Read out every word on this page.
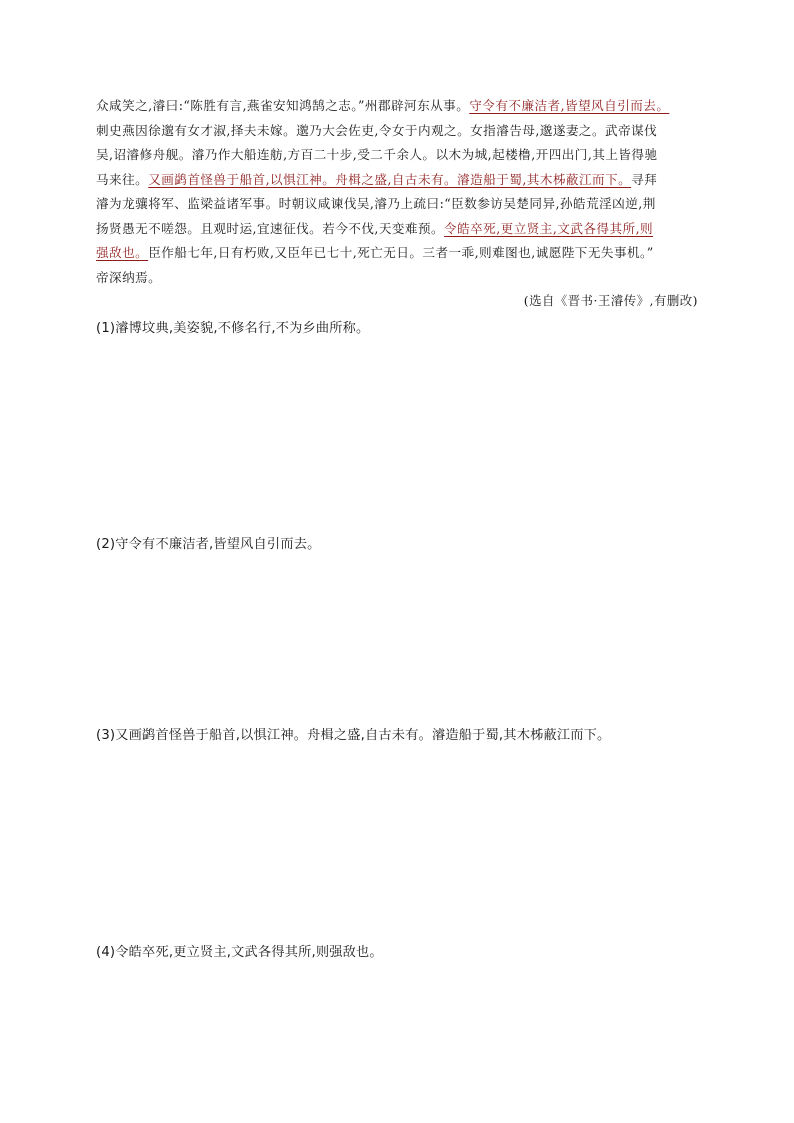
众咸笑之,濬曰:“陈胜有言,燕雀安知鸿鹄之志。”州郡辟河东从事。守令有不廉洁者,皆望风自引而去。
刺史燕因徐邈有女才淑,择夫未嫁。邈乃大会佐吏,令女于内观之。女指濬告母,邈遂妻之。武帝谋伐
吴,诏濬修舟舰。濬乃作大船连舫,方百二十步,受二千余人。以木为城,起楼橹,开四出门,其上皆得驰
马来往。又画鹢首怪兽于船首,以惧江神。舟楫之盛,自古未有。濬造船于蜀,其木柹蔽江而下。寻拜
濬为龙骧将军、监梁益诸军事。时朝议咸谏伐吴,濬乃上疏曰:“臣数参访吴楚同异,孙皓荒淫凶逆,荆
扬贤愚无不嗟怨。且观时运,宜速征伐。若今不伐,天变难预。令皓卒死,更立贤主,文武各得其所,则
强敌也。臣作船七年,日有朽败,又臣年已七十,死亡无日。三者一乖,则难图也,诚愿陛下无失事机。”
帝深纳焉。
(选自《晋书·王濬传》,有删改)
(1)濬博坟典,美姿貌,不修名行,不为乡曲所称。
(2)守令有不廉洁者,皆望风自引而去。
(3)又画鹢首怪兽于船首,以惧江神。舟楫之盛,自古未有。濬造船于蜀,其木柹蔽江而下。
(4)令皓卒死,更立贤主,文武各得其所,则强敌也。
